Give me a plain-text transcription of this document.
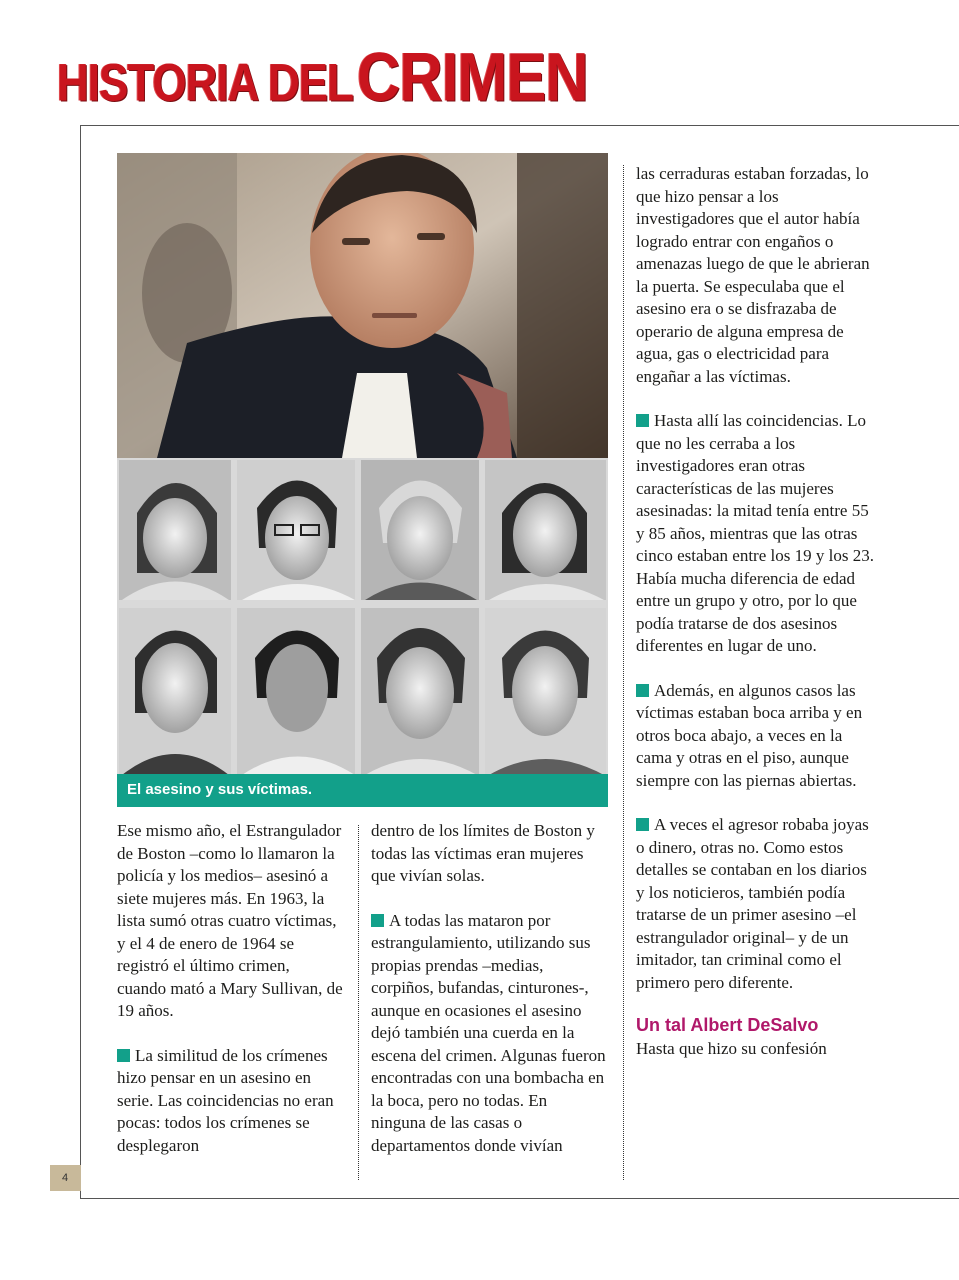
HISTORIA DELCRIMEN
4
El asesino y sus víctimas.

Ese mismo año, el Estrangulador de Boston –como lo llamaron la policía y los medios– asesinó a siete mujeres más. En 1963, la lista sumó otras cuatro víctimas, y el 4 de enero de 1964 se registró el último crimen, cuando mató a Mary Sullivan, de 19 años.

La similitud de los crímenes hizo pensar en un asesino en serie. Las coincidencias no eran pocas: todos los crímenes se desplegaron

dentro de los límites de Boston y todas las víctimas eran mujeres que vivían solas.

A todas las mataron por estrangulamiento, utilizando sus propias prendas –medias, corpiños, bufandas, cinturones-, aunque en ocasiones el asesino dejó también una cuerda en la escena del crimen. Algunas fueron encontradas con una bombacha en la boca, pero no todas. En ninguna de las casas o departamentos donde vivían

las cerraduras estaban forzadas, lo que hizo pensar a los investigadores que el autor había logrado entrar con engaños o amenazas luego de que le abrieran la puerta. Se especulaba que el asesino era o se disfrazaba de operario de alguna empresa de agua, gas o electricidad para engañar a las víctimas.

Hasta allí las coincidencias. Lo que no les cerraba a los investigadores eran otras características de las mujeres asesinadas: la mitad tenía entre 55 y 85 años, mientras que las otras cinco estaban entre los 19 y los 23.

Había mucha diferencia de edad entre un grupo y otro, por lo que podía tratarse de dos asesinos diferentes en lugar de uno.

Además, en algunos casos las víctimas estaban boca arriba y en otros boca abajo, a veces en la cama y otras en el piso, aunque siempre con las piernas abiertas.

A veces el agresor robaba joyas o dinero, otras no. Como estos detalles se contaban en los diarios y los noticieros, también podía tratarse de un primer asesino –el estrangulador original– y de un imitador, tan criminal como el primero pero diferente.

Un tal Albert DeSalvo

Hasta que hizo su confesión
